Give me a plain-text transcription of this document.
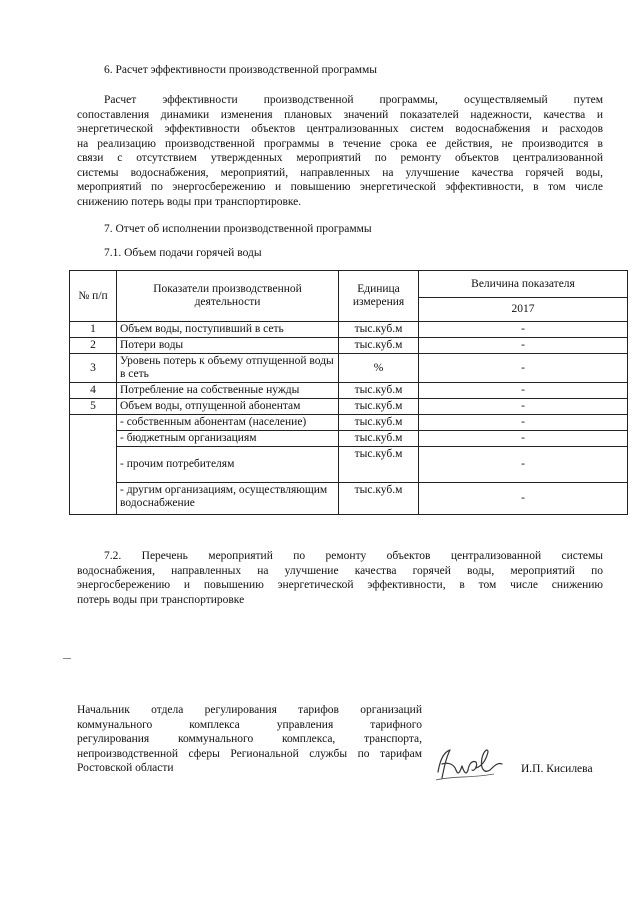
6. Расчет эффективности производственной программы
Расчет эффективности производственной программы, осуществляемый путем
сопоставления динамики изменения плановых значений показателей надежности, качества и
энергетической эффективности объектов централизованных систем водоснабжения и расходов
на реализацию производственной программы в течение срока ее действия, не производится в
связи с отсутствием утвержденных мероприятий по ремонту объектов централизованной
системы водоснабжения, мероприятий, направленных на улучшение качества горячей воды,
мероприятий по энергосбережению и повышению энергетической эффективности, в том числе
снижению потерь воды при транспортировке.
7. Отчет об исполнении производственной программы
7.1. Объем подачи горячей воды
№ п/п	Показатели производственной деятельности	Единица измерения	Величина показателя
			2017
1	Объем воды, поступивший в сеть	тыс.куб.м	-
2	Потери воды	тыс.куб.м	-
3	Уровень потерь к объему отпущенной воды в сеть	%	-
4	Потребление на собственные нужды	тыс.куб.м	-
5	Объем воды, отпущенной абонентам	тыс.куб.м	-
	- собственным абонентам (население)	тыс.куб.м	-
	- бюджетным организациям	тыс.куб.м	-
	- прочим потребителям	тыс.куб.м	-
	- другим организациям, осуществляющим водоснабжение	тыс.куб.м	-
7.2. Перечень мероприятий по ремонту объектов централизованной системы
водоснабжения, направленных на улучшение качества горячей воды, мероприятий по
энергосбережению и повышению энергетической эффективности, в том числе снижению
потерь воды при транспортировке
Начальник отдела регулирования тарифов организаций
коммунального комплекса управления тарифного
регулирования коммунального комплекса, транспорта,
непроизводственной сферы Региональной службы по тарифам
Ростовской области	И.П. Кисилева
